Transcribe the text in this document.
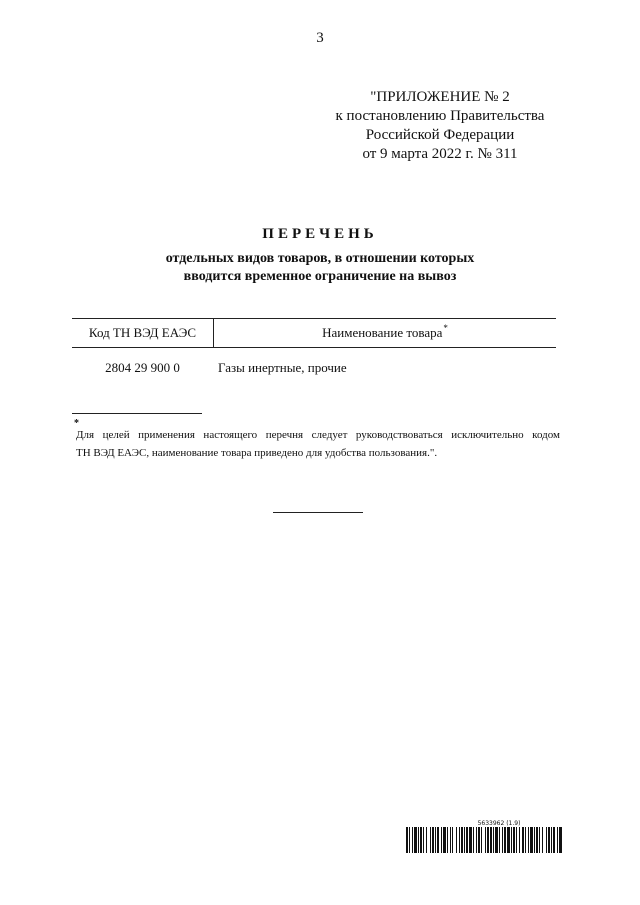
3
"ПРИЛОЖЕНИЕ № 2
к постановлению Правительства
Российской Федерации
от 9 марта 2022 г. № 311
ПЕРЕЧЕНЬ
отдельных видов товаров, в отношении которых
вводится временное ограничение на вывоз
Код ТН ВЭД ЕАЭС	Наименование товара *
2804 29 900 0	Газы инертные, прочие
*
Для целей применения настоящего перечня следует руководствоваться исключительно кодом
ТН ВЭД ЕАЭС, наименование товара приведено для удобства пользования.".
5633962 (1.9)
